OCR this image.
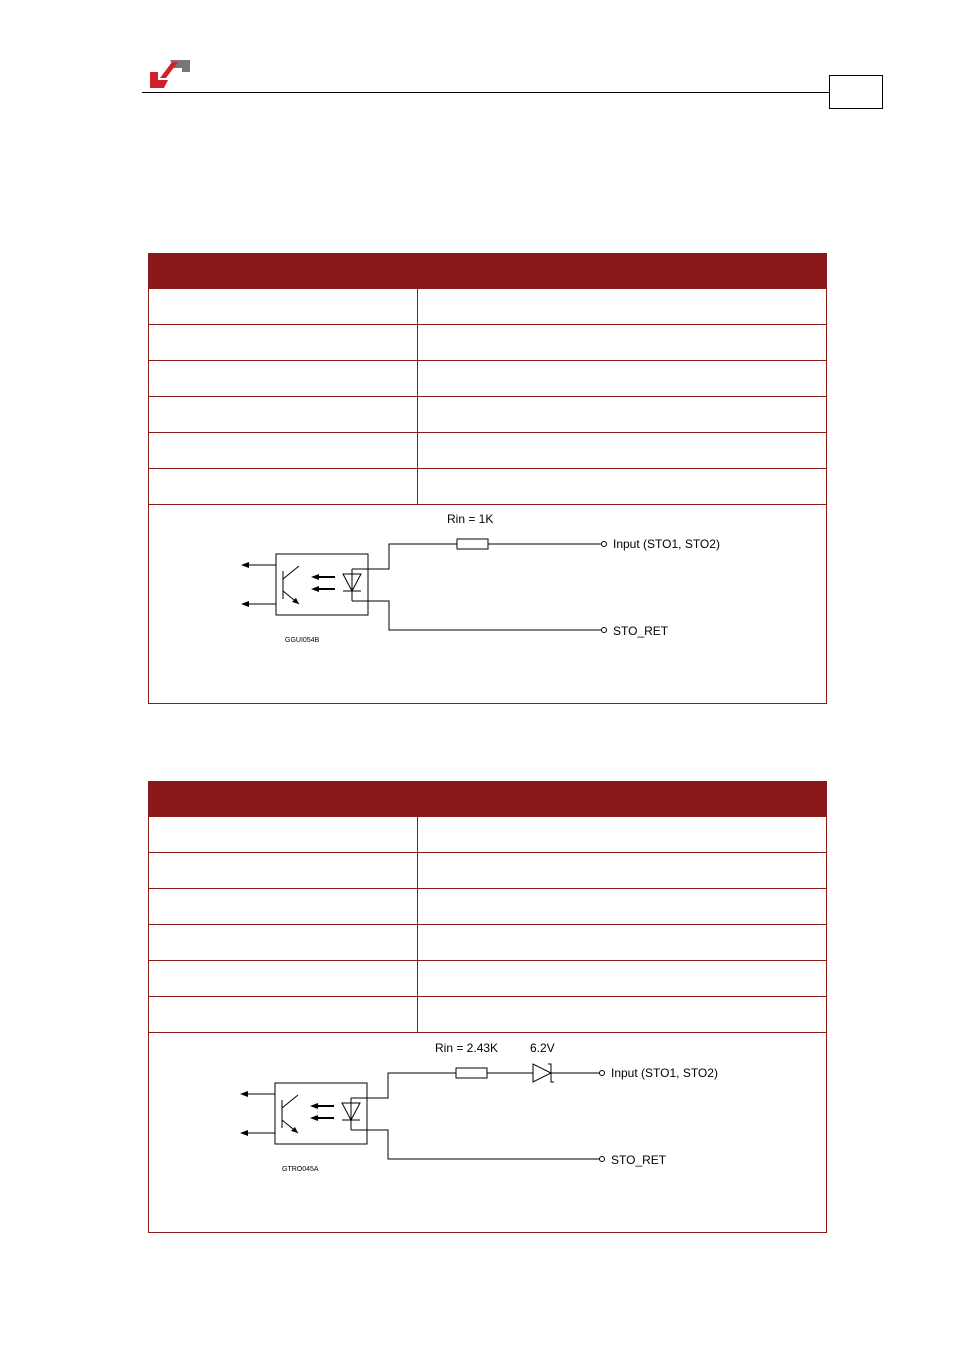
Rin = 1K
Input (STO1, STO2)
STO_RET
GGUI054B
Rin = 2.43K	6.2V
Input (STO1, STO2)
STO_RET
GTRO045A
